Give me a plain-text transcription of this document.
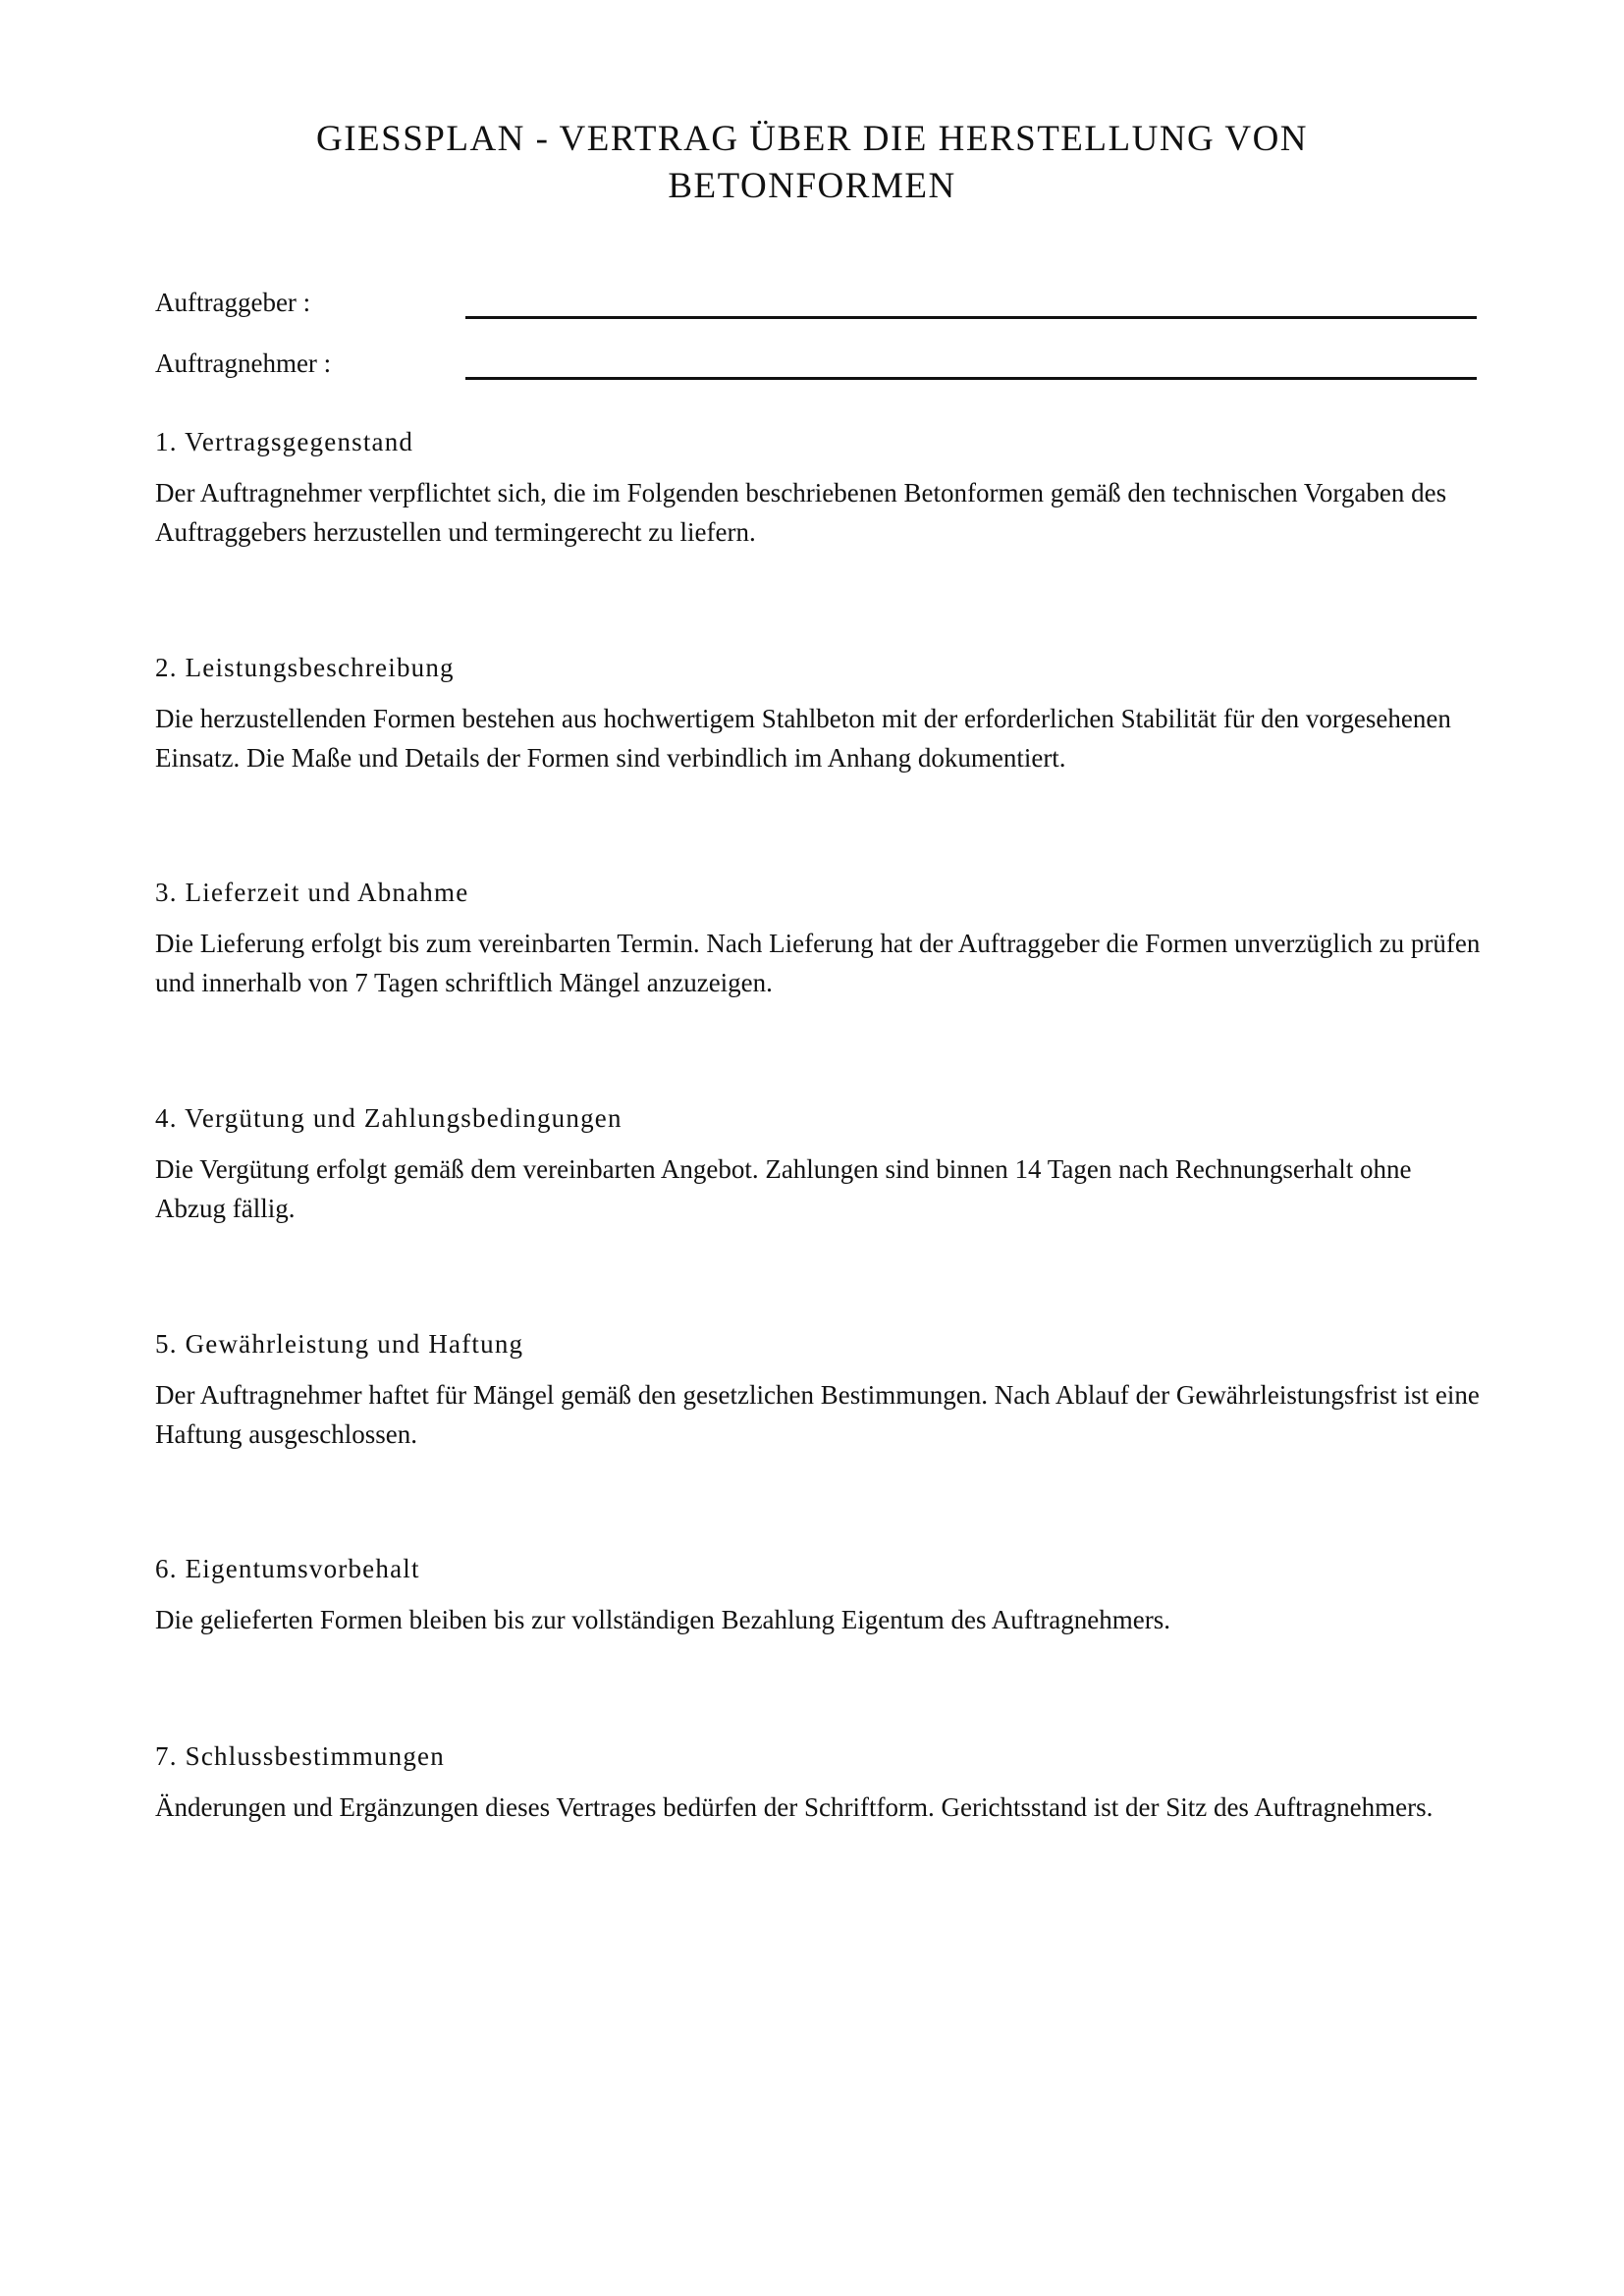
GIESSPLAN - VERTRAG ÜBER DIE HERSTELLUNG VON
BETONFORMEN
Auftraggeber :
Auftragnehmer :
1. Vertragsgegenstand

Der Auftragnehmer verpflichtet sich, die im Folgenden beschriebenen Betonformen gemäß den technischen Vorgaben des Auftraggebers herzustellen und termingerecht zu liefern.

2. Leistungsbeschreibung

Die herzustellenden Formen bestehen aus hochwertigem Stahlbeton mit der erforderlichen Stabilität für den vorgesehenen Einsatz. Die Maße und Details der Formen sind verbindlich im Anhang dokumentiert.

3. Lieferzeit und Abnahme

Die Lieferung erfolgt bis zum vereinbarten Termin. Nach Lieferung hat der Auftraggeber die Formen unverzüglich zu prüfen und innerhalb von 7 Tagen schriftlich Mängel anzuzeigen.

4. Vergütung und Zahlungsbedingungen

Die Vergütung erfolgt gemäß dem vereinbarten Angebot. Zahlungen sind binnen 14 Tagen nach Rechnungserhalt ohne Abzug fällig.

5. Gewährleistung und Haftung

Der Auftragnehmer haftet für Mängel gemäß den gesetzlichen Bestimmungen. Nach Ablauf der Gewährleistungsfrist ist eine Haftung ausgeschlossen.

6. Eigentumsvorbehalt

Die gelieferten Formen bleiben bis zur vollständigen Bezahlung Eigentum des Auftragnehmers.

7. Schlussbestimmungen

Änderungen und Ergänzungen dieses Vertrages bedürfen der Schriftform. Gerichtsstand ist der Sitz des Auftragnehmers.
